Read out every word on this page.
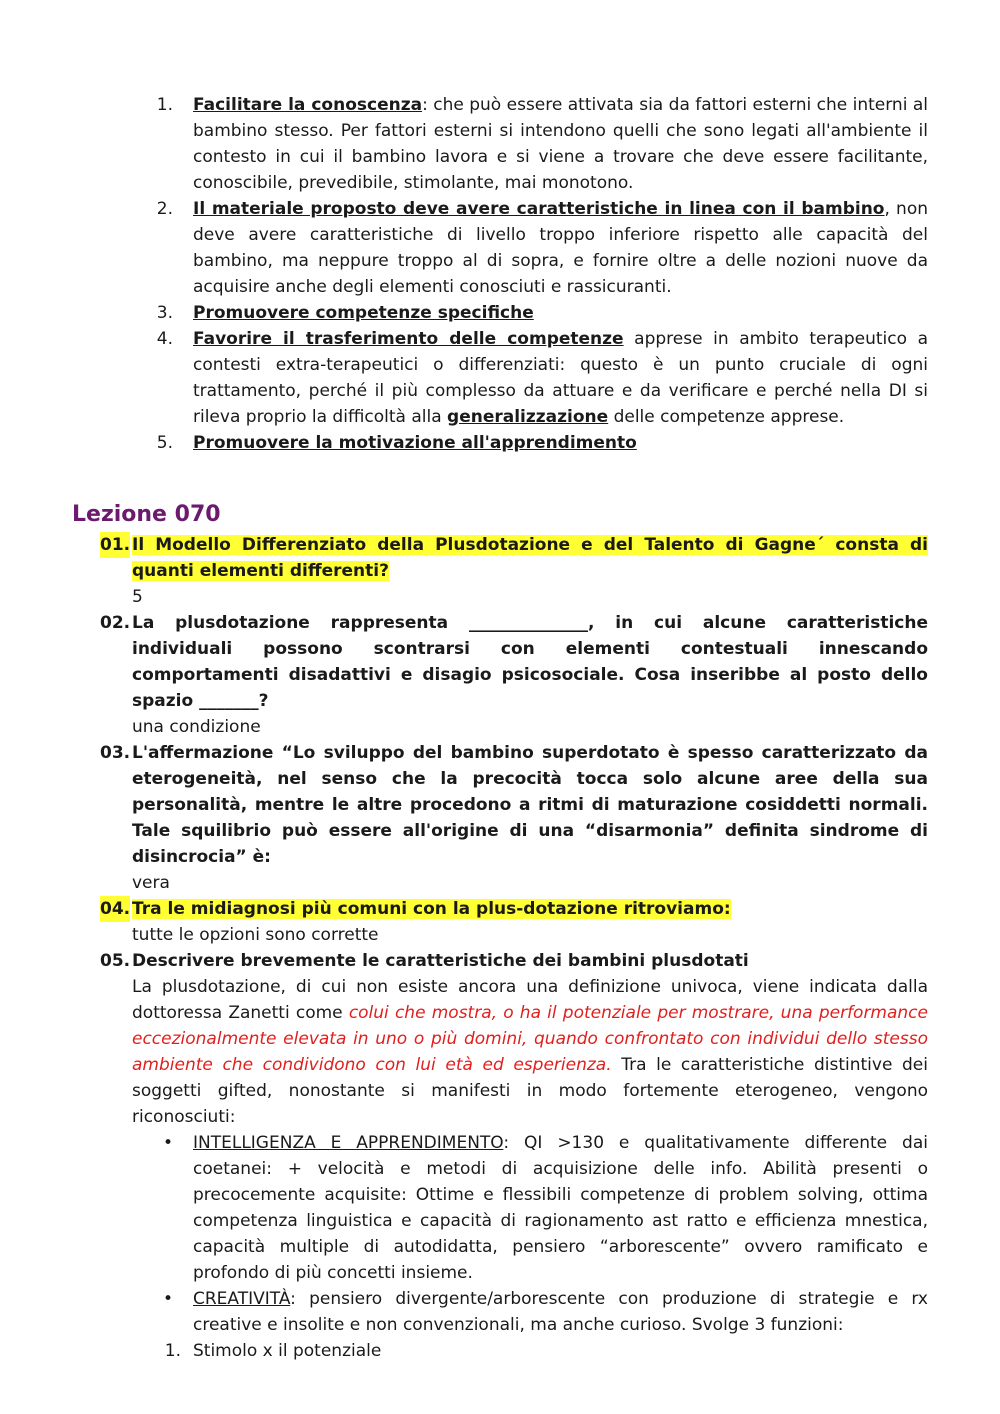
1. Facilitare la conoscenza: che può essere attivata sia da fattori esterni che interni al bambino stesso. Per fattori esterni si intendono quelli che sono legati all'ambiente il contesto in cui il bambino lavora e si viene a trovare che deve essere facilitante, conoscibile, prevedibile, stimolante, mai monotono.
2. Il materiale proposto deve avere caratteristiche in linea con il bambino, non deve avere caratteristiche di livello troppo inferiore rispetto alle capacità del bambino, ma neppure troppo al di sopra, e fornire oltre a delle nozioni nuove da acquisire anche degli elementi conosciuti e rassicuranti.
3. Promuovere competenze specifiche
4. Favorire il trasferimento delle competenze apprese in ambito terapeutico a contesti extra-terapeutici o differenziati: questo è un punto cruciale di ogni trattamento, perché il più complesso da attuare e da verificare e perché nella DI si rileva proprio la difficoltà alla generalizzazione delle competenze apprese.
5. Promuovere la motivazione all'apprendimento
Lezione 070
01. Il Modello Differenziato della Plusdotazione e del Talento di Gagne´ consta di quanti elementi differenti?
5
02. La plusdotazione rappresenta ______________, in cui alcune caratteristiche individuali possono scontrarsi con elementi contestuali innescando comportamenti disadattivi e disagio psicosociale. Cosa inseribbe al posto dello spazio _______?
una condizione
03. L'affermazione “Lo sviluppo del bambino superdotato è spesso caratterizzato da eterogeneità, nel senso che la precocità tocca solo alcune aree della sua personalità, mentre le altre procedono a ritmi di maturazione cosiddetti normali. Tale squilibrio può essere all'origine di una “disarmonia” definita sindrome di disincrocia” è:
vera
04. Tra le midiagnosi più comuni con la plus-dotazione ritroviamo:
tutte le opzioni sono corrette
05. Descrivere brevemente le caratteristiche dei bambini plusdotati
La plusdotazione, di cui non esiste ancora una definizione univoca, viene indicata dalla dottoressa Zanetti come colui che mostra, o ha il potenziale per mostrare, una performance eccezionalmente elevata in uno o più domini, quando confrontato con individui dello stesso ambiente che condividono con lui età ed esperienza. Tra le caratteristiche distintive dei soggetti gifted, nonostante si manifesti in modo fortemente eterogeneo, vengono riconosciuti:
• INTELLIGENZA E APPRENDIMENTO: QI >130 e qualitativamente differente dai coetanei: + velocità e metodi di acquisizione delle info. Abilità presenti o precocemente acquisite: Ottime e flessibili competenze di problem solving, ottima competenza linguistica e capacità di ragionamento ast ratto e efficienza mnestica, capacità multiple di autodidatta, pensiero “arborescente” ovvero ramificato e profondo di più concetti insieme.
• CREATIVITÀ: pensiero divergente/arborescente con produzione di strategie e rx creative e insolite e non convenzionali, ma anche curioso. Svolge 3 funzioni:
1. Stimolo x il potenziale
